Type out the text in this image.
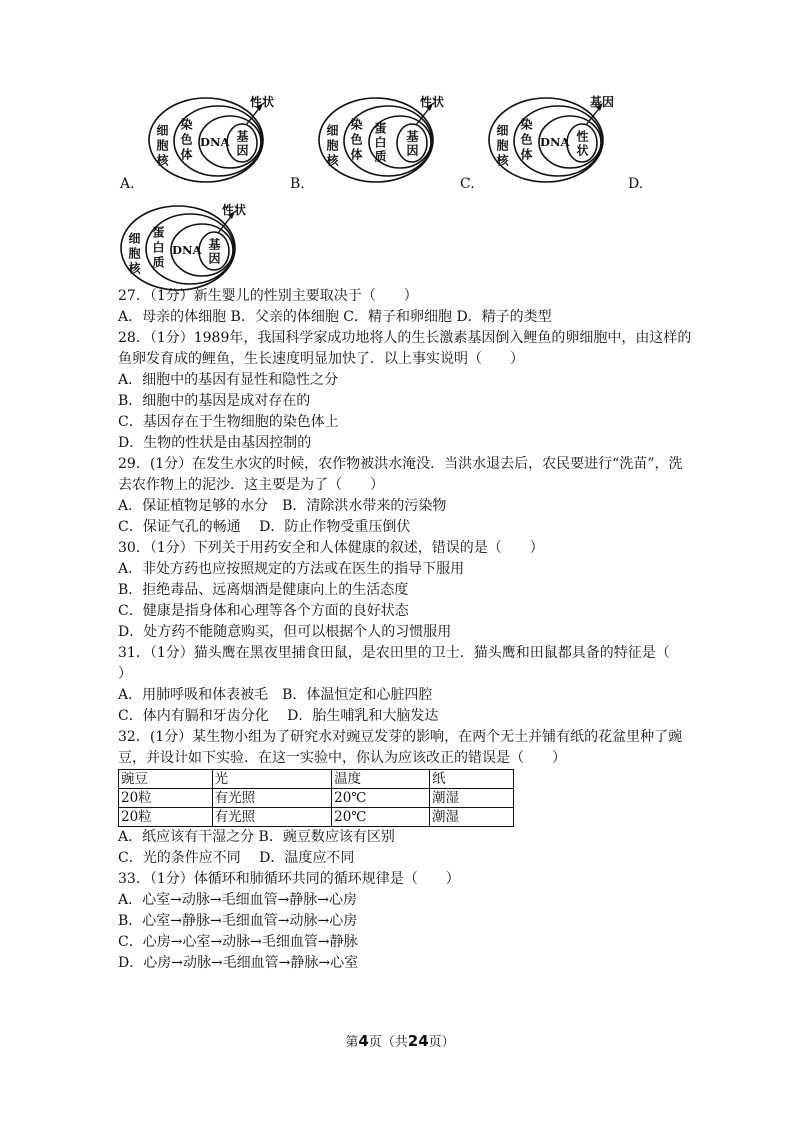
A.	B.	C.	D.
细胞核 染色体 DNA 基因
性状
细胞核 染色体 蛋白质 基因
性状
细胞核 染色体 DNA 性状
基因
细胞核 蛋白质 DNA 基因
性状
27．（1分）新生婴儿的性别主要取决于（　　）
A．母亲的体细胞 B．父亲的体细胞 C．精子和卵细胞 D．精子的类型
28．（1分）1989年，我国科学家成功地将人的生长激素基因倒入鲤鱼的卵细胞中，由这样的
鱼卵发育成的鲤鱼，生长速度明显加快了．以上事实说明（　　）
A．细胞中的基因有显性和隐性之分
B．细胞中的基因是成对存在的
C．基因存在于生物细胞的染色体上
D．生物的性状是由基因控制的
29．(1分）在发生水灾的时候，农作物被洪水淹没．当洪水退去后，农民要进行“洗苗”，洗
去农作物上的泥沙．这主要是为了（　　）
A．保证植物足够的水分　B．清除洪水带来的污染物
C．保证气孔的畅通　 D．防止作物受重压倒伏
30．（1分）下列关于用药安全和人体健康的叙述，错误的是（　　）
A．非处方药也应按照规定的方法或在医生的指导下服用
B．拒绝毒品、远离烟酒是健康向上的生活态度
C．健康是指身体和心理等各个方面的良好状态
D．处方药不能随意购买，但可以根据个人的习惯服用
31．（1分）猫头鹰在黑夜里捕食田鼠，是农田里的卫士．猫头鹰和田鼠都具备的特征是（
）
A．用肺呼吸和体表被毛　B．体温恒定和心脏四腔
C．体内有膈和牙齿分化　 D．胎生哺乳和大脑发达
32．(1分）某生物小组为了研究水对豌豆发芽的影响，在两个无土并铺有纸的花盆里种了豌
豆，并设计如下实验．在这一实验中，你认为应该改正的错误是（　　）
豌豆	光	温度	纸
20粒	有光照	20℃	潮湿
20粒	有光照	20℃	潮湿
A．纸应该有干湿之分 B．豌豆数应该有区别
C．光的条件应不同　 D．温度应不同
33．（1分）体循环和肺循环共同的循环规律是（　　）
A．心室→动脉→毛细血管→静脉→心房
B．心室→静脉→毛细血管→动脉→心房
C．心房→心室→动脉→毛细血管→静脉
D．心房→动脉→毛细血管→静脉→心室
第4页（共24页）
